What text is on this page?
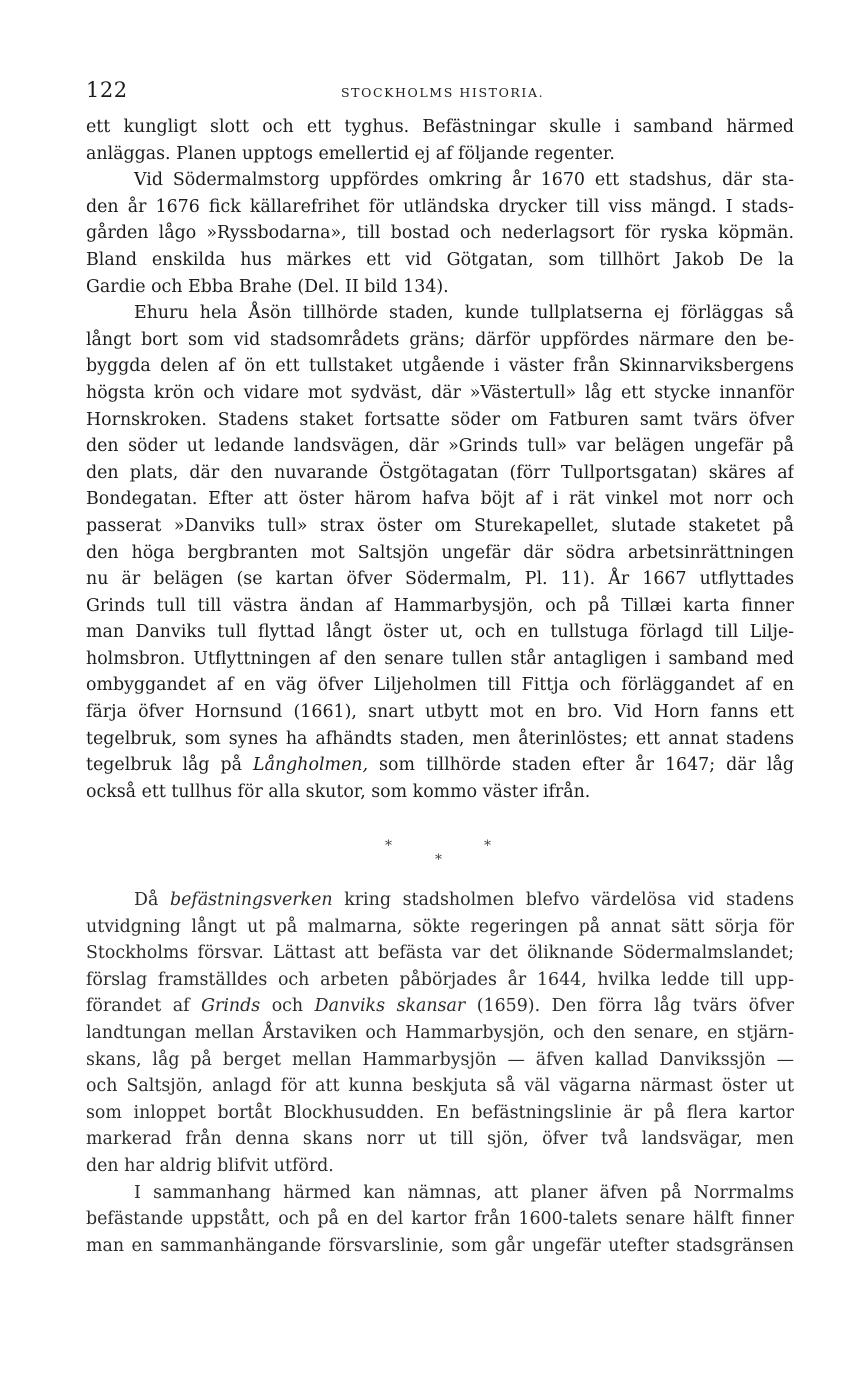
122	STOCKHOLMS HISTORIA.
ett kungligt slott och ett tyghus. Befästningar skulle i samband härmed
anläggas. Planen upptogs emellertid ej af följande regenter.
Vid Södermalmstorg uppfördes omkring år 1670 ett stadshus, där sta-
den år 1676 fick källarefrihet för utländska drycker till viss mängd. I stads-
gården lågo »Ryssbodarna», till bostad och nederlagsort för ryska köpmän.
Bland enskilda hus märkes ett vid Götgatan, som tillhört Jakob De la
Gardie och Ebba Brahe (Del. II bild 134).
Ehuru hela Åsön tillhörde staden, kunde tullplatserna ej förläggas så
långt bort som vid stadsområdets gräns; därför uppfördes närmare den be-
byggda delen af ön ett tullstaket utgående i väster från Skinnarviksbergens
högsta krön och vidare mot sydväst, där »Västertull» låg ett stycke innanför
Hornskroken. Stadens staket fortsatte söder om Fatburen samt tvärs öfver
den söder ut ledande landsvägen, där »Grinds tull» var belägen ungefär på
den plats, där den nuvarande Östgötagatan (förr Tullportsgatan) skäres af
Bondegatan. Efter att öster härom hafva böjt af i rät vinkel mot norr och
passerat »Danviks tull» strax öster om Sturekapellet, slutade staketet på
den höga bergbranten mot Saltsjön ungefär där södra arbetsinrättningen
nu är belägen (se kartan öfver Södermalm, Pl. 11). År 1667 utflyttades
Grinds tull till västra ändan af Hammarbysjön, och på Tillæi karta finner
man Danviks tull flyttad långt öster ut, och en tullstuga förlagd till Lilje-
holmsbron. Utflyttningen af den senare tullen står antagligen i samband med
ombyggandet af en väg öfver Liljeholmen till Fittja och förläggandet af en
färja öfver Hornsund (1661), snart utbytt mot en bro. Vid Horn fanns ett
tegelbruk, som synes ha afhändts staden, men återinlöstes; ett annat stadens
tegelbruk låg på Långholmen, som tillhörde staden efter år 1647; där låg
också ett tullhus för alla skutor, som kommo väster ifrån.
*	*
*
Då befästningsverken kring stadsholmen blefvo värdelösa vid stadens
utvidgning långt ut på malmarna, sökte regeringen på annat sätt sörja för
Stockholms försvar. Lättast att befästa var det öliknande Södermalmslandet;
förslag framställdes och arbeten påbörjades år 1644, hvilka ledde till upp-
förandet af Grinds och Danviks skansar (1659). Den förra låg tvärs öfver
landtungan mellan Årstaviken och Hammarbysjön, och den senare, en stjärn-
skans, låg på berget mellan Hammarbysjön — äfven kallad Danvikssjön —
och Saltsjön, anlagd för att kunna beskjuta så väl vägarna närmast öster ut
som inloppet bortåt Blockhusudden. En befästningslinie är på flera kartor
markerad från denna skans norr ut till sjön, öfver två landsvägar, men
den har aldrig blifvit utförd.
I sammanhang härmed kan nämnas, att planer äfven på Norrmalms
befästande uppstått, och på en del kartor från 1600-talets senare hälft finner
man en sammanhängande försvarslinie, som går ungefär utefter stadsgränsen
